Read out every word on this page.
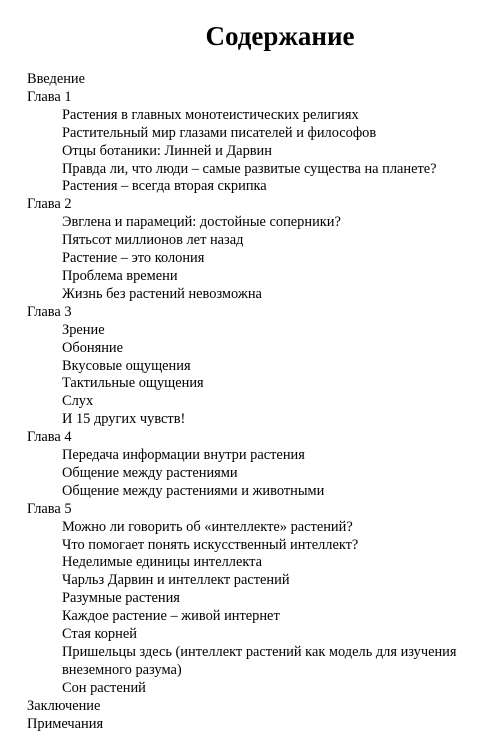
Содержание
Введение
Глава 1
Растения в главных монотеистических религиях
Растительный мир глазами писателей и философов
Отцы ботаники: Линней и Дарвин
Правда ли, что люди – самые развитые существа на планете?
Растения – всегда вторая скрипка
Глава 2
Эвглена и парамеций: достойные соперники?
Пятьсот миллионов лет назад
Растение – это колония
Проблема времени
Жизнь без растений невозможна
Глава 3
Зрение
Обоняние
Вкусовые ощущения
Тактильные ощущения
Слух
И 15 других чувств!
Глава 4
Передача информации внутри растения
Общение между растениями
Общение между растениями и животными
Глава 5
Можно ли говорить об «интеллекте» растений?
Что помогает понять искусственный интеллект?
Неделимые единицы интеллекта
Чарльз Дарвин и интеллект растений
Разумные растения
Каждое растение – живой интернет
Стая корней
Пришельцы здесь (интеллект растений как модель для изучения внеземного разума)
Сон растений
Заключение
Примечания
